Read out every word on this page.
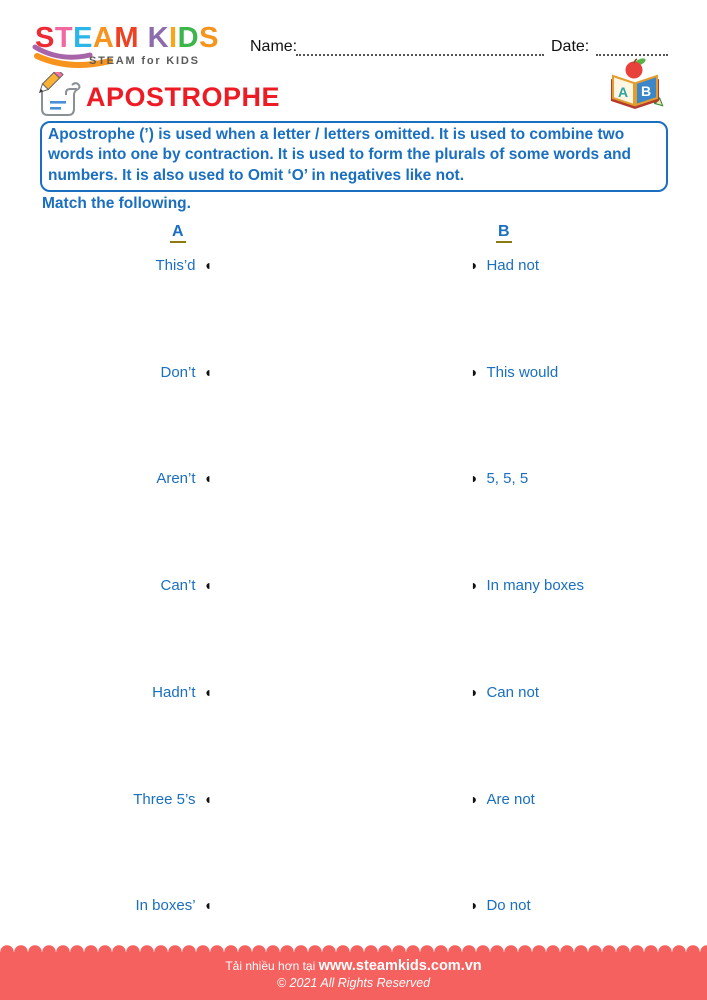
STEAM KIDS
STEAM for KIDS
Name:	Date:
A B
APOSTROPHE
Apostrophe (’) is used when a letter / letters omitted. It is used to combine two words into one by contraction. It is used to form the plurals of some words and numbers. It is also used to Omit ‘O’ in negatives like not.
Match the following.
A	B
This’d ◖	◗ Had not
Don’t ◖	◗ This would
Aren’t ◖	◗ 5, 5, 5
Can’t ◖	◗ In many boxes
Hadn’t ◖	◗ Can not
Three 5’s ◖	◗ Are not
In boxes’ ◖	◗ Do not
Tải nhiều hơn tại www.steamkids.com.vn
© 2021 All Rights Reserved
